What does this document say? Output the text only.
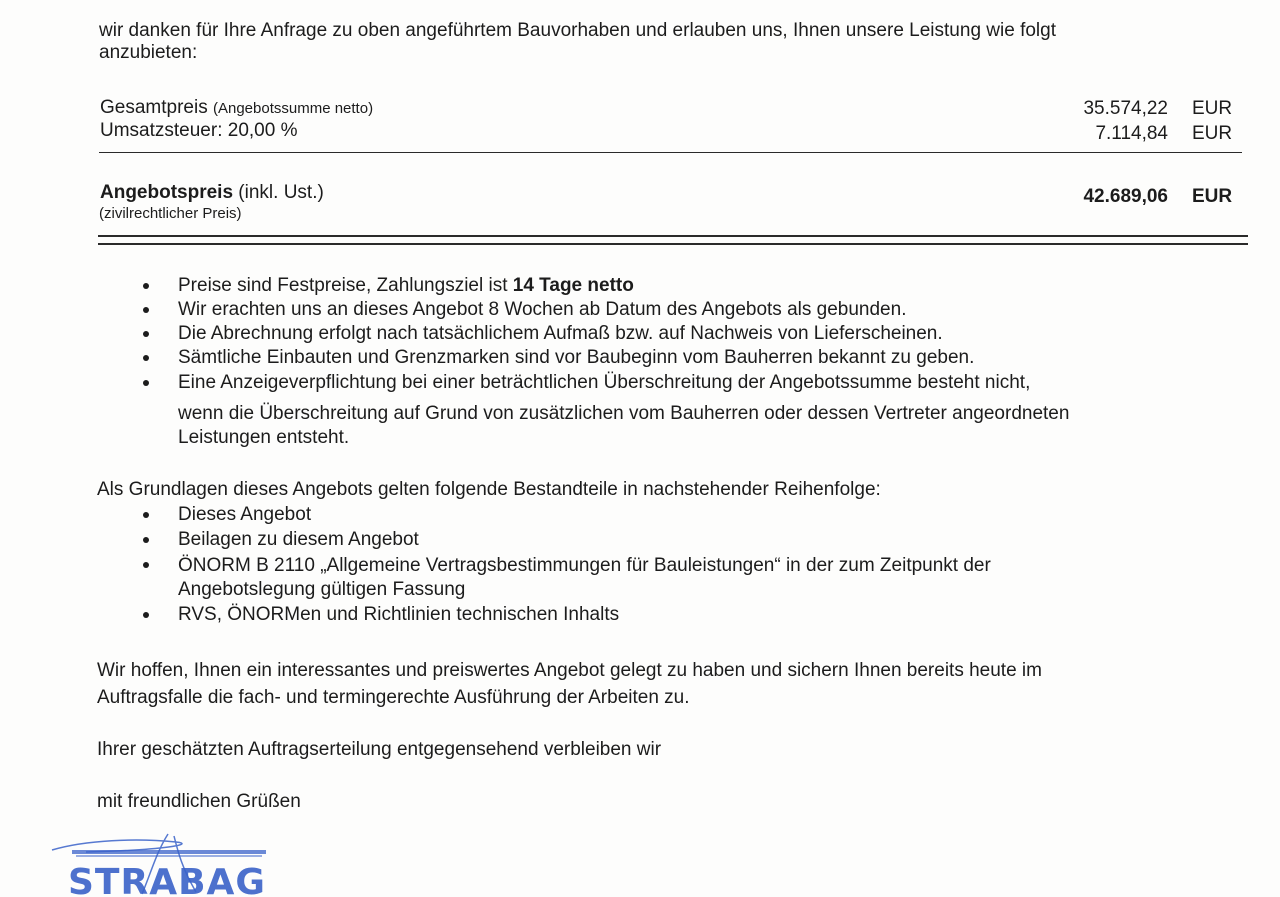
wir danken für Ihre Anfrage zu oben angeführtem Bauvorhaben und erlauben uns, Ihnen unsere Leistung wie folgt
anzubieten:
Gesamtpreis (Angebotssumme netto)	35.574,22 EUR
Umsatzsteuer: 20,00 %	7.114,84 EUR
Angebotspreis (inkl. Ust.)
(zivilrechtlicher Preis)
42.689,06 EUR
Preise sind Festpreise, Zahlungsziel ist 14 Tage netto
Wir erachten uns an dieses Angebot 8 Wochen ab Datum des Angebots als gebunden.
Die Abrechnung erfolgt nach tatsächlichem Aufmaß bzw. auf Nachweis von Lieferscheinen.
Sämtliche Einbauten und Grenzmarken sind vor Baubeginn vom Bauherren bekannt zu geben.
Eine Anzeigeverpflichtung bei einer beträchtlichen Überschreitung der Angebotssumme besteht nicht,
wenn die Überschreitung auf Grund von zusätzlichen vom Bauherren oder dessen Vertreter angeordneten
Leistungen entsteht.
Als Grundlagen dieses Angebots gelten folgende Bestandteile in nachstehender Reihenfolge:
Dieses Angebot
Beilagen zu diesem Angebot
ÖNORM B 2110 „Allgemeine Vertragsbestimmungen für Bauleistungen“ in der zum Zeitpunkt der
Angebotslegung gültigen Fassung
RVS, ÖNORMen und Richtlinien technischen Inhalts
Wir hoffen, Ihnen ein interessantes und preiswertes Angebot gelegt zu haben und sichern Ihnen bereits heute im
Auftragsfalle die fach- und termingerechte Ausführung der Arbeiten zu.
Ihrer geschätzten Auftragserteilung entgegensehend verbleiben wir
mit freundlichen Grüßen
STRABAG
